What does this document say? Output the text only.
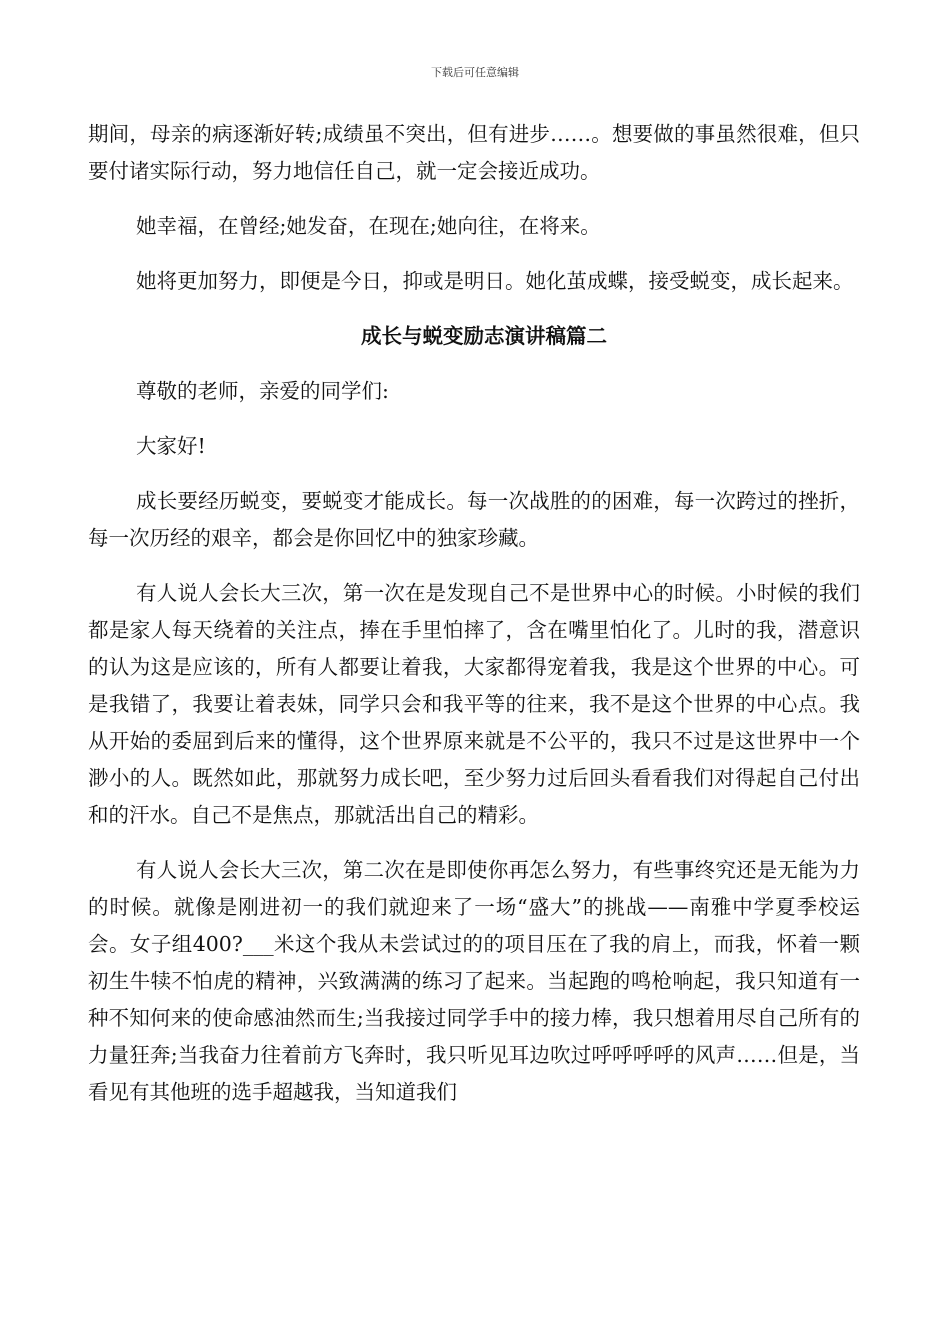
下载后可任意编辑

期间，母亲的病逐渐好转;成绩虽不突出，但有进步……。想要做的事虽然很难，但只要付诸实际行动，努力地信任自己，就一定会接近成功。

她幸福，在曾经;她发奋，在现在;她向往，在将来。

她将更加努力，即便是今日，抑或是明日。她化茧成蝶，接受蜕变，成长起来。

成长与蜕变励志演讲稿篇二

尊敬的老师，亲爱的同学们:

大家好!

成长要经历蜕变，要蜕变才能成长。每一次战胜的的困难，每一次跨过的挫折，每一次历经的艰辛，都会是你回忆中的独家珍藏。

有人说人会长大三次，第一次在是发现自己不是世界中心的时候。小时候的我们都是家人每天绕着的关注点，捧在手里怕摔了，含在嘴里怕化了。儿时的我，潜意识的认为这是应该的，所有人都要让着我，大家都得宠着我，我是这个世界的中心。可是我错了，我要让着表妹，同学只会和我平等的往来，我不是这个世界的中心点。我从开始的委屈到后来的懂得，这个世界原来就是不公平的，我只不过是这世界中一个渺小的人。既然如此，那就努力成长吧，至少努力过后回头看看我们对得起自己付出和的汗水。自己不是焦点，那就活出自己的精彩。

有人说人会长大三次，第二次在是即使你再怎么努力，有些事终究还是无能为力的时候。就像是刚进初一的我们就迎来了一场“盛大”的挑战——南雅中学夏季校运会。女子组400?___米这个我从未尝试过的的项目压在了我的肩上，而我，怀着一颗初生牛犊不怕虎的精神，兴致满满的练习了起来。当起跑的鸣枪响起，我只知道有一种不知何来的使命感油然而生;当我接过同学手中的接力棒，我只想着用尽自己所有的力量狂奔;当我奋力往着前方飞奔时，我只听见耳边吹过呼呼呼呼的风声……但是，当看见有其他班的选手超越我，当知道我们
